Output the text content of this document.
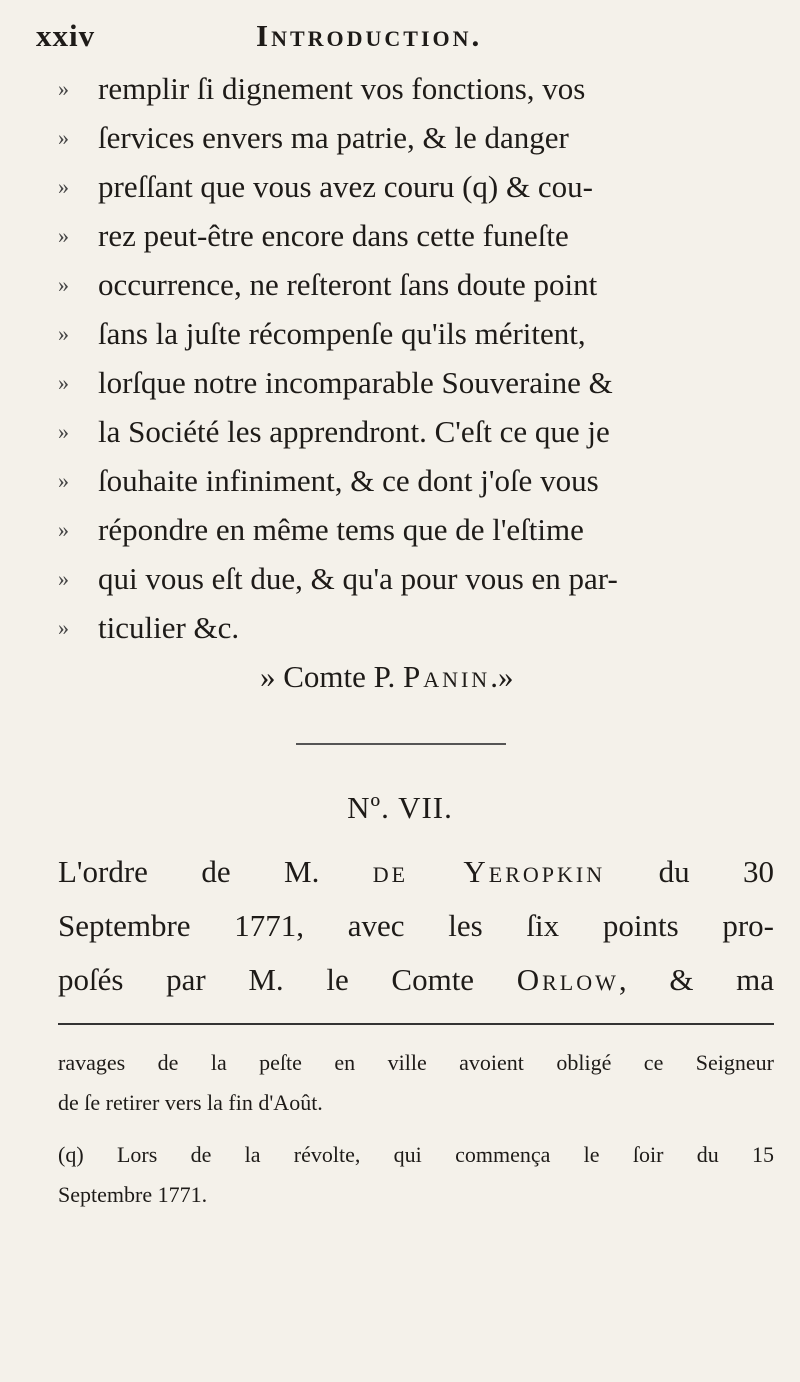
xxiv	Introduction.
» remplir ſi dignement vos fonctions, vos
» ſervices envers ma patrie, & le danger
» preſſant que vous avez couru (q) & cou-
» rez peut-être encore dans cette funeſte
» occurrence, ne reſteront ſans doute point
» ſans la juſte récompenſe qu'ils méritent,
» lorſque notre incomparable Souveraine &
» la Société les apprendront. C'eſt ce que je
» ſouhaite infiniment, & ce dont j'oſe vous
» répondre en même tems que de l'eſtime
» qui vous eſt due, & qu'a pour vous en par-
» ticulier &c.
» Comte P. Panin.»
Nº. VII.
L'ordre de M. de Yeropkin du 30
Septembre 1771, avec les ſix points pro-
poſés par M. le Comte Orlow, & ma
ravages de la peſte en ville avoient obligé ce Seigneur
de ſe retirer vers la fin d'Août.
(q) Lors de la révolte, qui commença le ſoir du 15
Septembre 1771.
